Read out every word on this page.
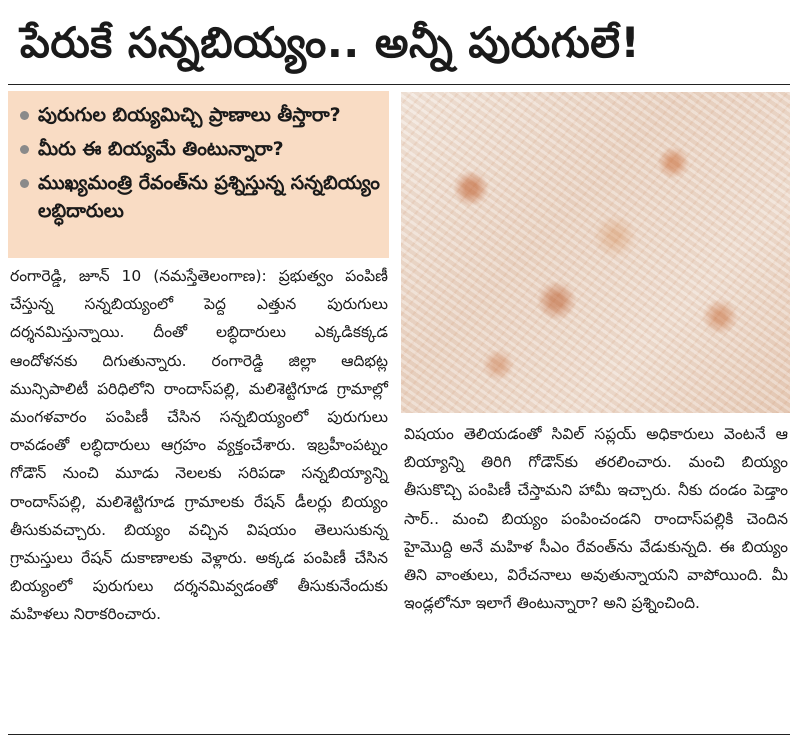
పేరుకే సన్నబియ్యం.. అన్నీ పురుగులే!
పురుగుల బియ్యమిచ్చి ప్రాణాలు తీస్తారా?
మీరు ఈ బియ్యమే తింటున్నారా?
ముఖ్యమంత్రి రేవంత్‌ను ప్రశ్నిస్తున్న సన్నబియ్యం లబ్ధిదారులు

రంగారెడ్డి, జూన్ 10 (నమస్తేతెలంగాణ): ప్రభుత్వం పంపిణీ చేస్తున్న సన్నబియ్యంలో పెద్ద ఎత్తున పురుగులు దర్శనమిస్తున్నాయి. దీంతో లబ్ధిదారులు ఎక్కడికక్కడ ఆందోళనకు దిగుతున్నారు. రంగారెడ్డి జిల్లా ఆదిభట్ల మున్సిపాలిటీ పరిధిలోని రాందాస్‌పల్లి, మలిశెట్టిగూడ గ్రామాల్లో మంగళవారం పంపిణీ చేసిన సన్నబియ్యంలో పురుగులు రావడంతో లబ్ధిదారులు ఆగ్రహం వ్యక్తంచేశారు. ఇబ్రహీంపట్నం గోడౌన్ నుంచి మూడు నెలలకు సరిపడా సన్నబియ్యాన్ని రాందాస్‌పల్లి, మలిశెట్టిగూడ గ్రామాలకు రేషన్ డీలర్లు బియ్యం తీసుకువచ్చారు. బియ్యం వచ్చిన విషయం తెలుసుకున్న గ్రామస్తులు రేషన్ దుకాణాలకు వెళ్లారు. అక్కడ పంపిణీ చేసిన బియ్యంలో పురుగులు దర్శనమివ్వడంతో తీసుకునేందుకు మహిళలు నిరాకరించారు.

విషయం తెలియడంతో సివిల్ సప్లయ్ అధికారులు వెంటనే ఆ బియ్యాన్ని తిరిగి గోడౌన్‌కు తరలించారు. మంచి బియ్యం తీసుకొచ్చి పంపిణీ చేస్తామని హామీ ఇచ్చారు. నీకు దండం పెడ్తాం సార్.. మంచి బియ్యం పంపించండని రాందాస్‌పల్లికి చెందిన హైమొద్ది అనే మహిళ సీఎం రేవంత్‌ను వేడుకున్నది. ఈ బియ్యం తిని వాంతులు, విరేచనాలు అవుతున్నాయని వాపోయింది. మీ ఇండ్లలోనూ ఇలాగే తింటున్నారా? అని ప్రశ్నించింది.
